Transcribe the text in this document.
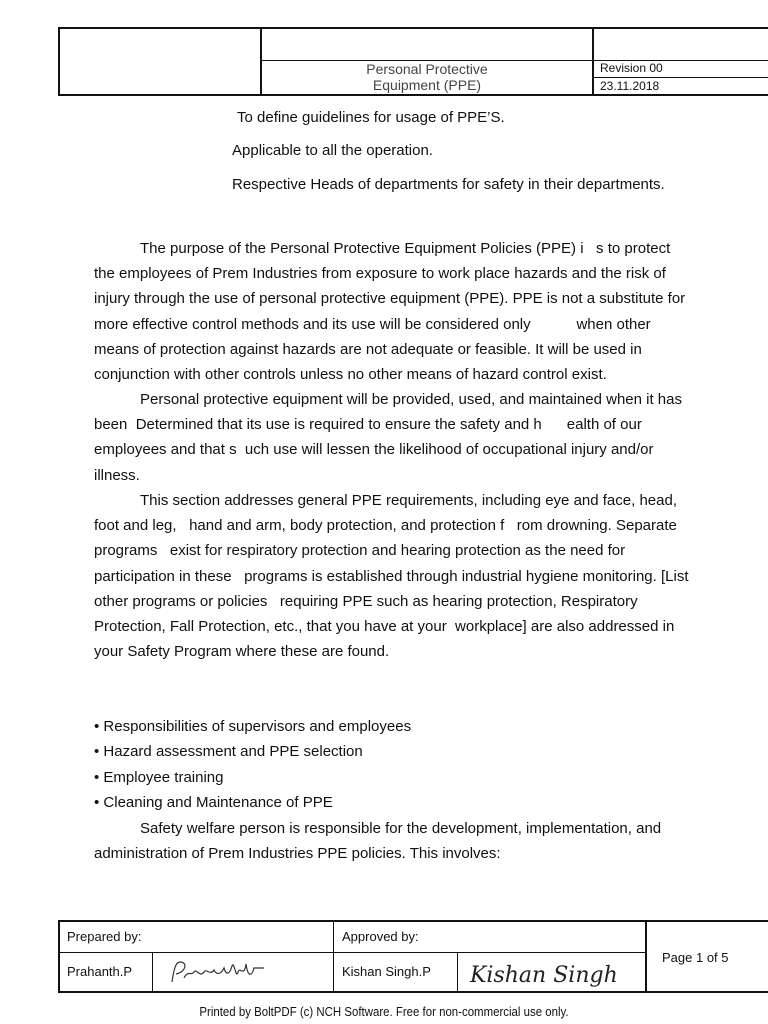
Personal Protective
Equipment (PPE)
Revision 00
23.11.2018
To define guidelines for usage of PPE’S.
Applicable to all the operation.
Respective Heads of departments for safety in their departments.
The purpose of the Personal Protective Equipment Policies (PPE) i   s to protect the employees of Prem Industries from exposure to work place hazards and the risk of injury through the use of personal protective equipment (PPE). PPE is not a substitute for more effective control methods and its use will be considered only           when other means of protection against hazards are not adequate or feasible. It will be used in conjunction with other controls unless no other means of hazard control exist.
Personal protective equipment will be provided, used, and maintained when it has  been  Determined that its use is required to ensure the safety and h      ealth of our employees and that s  uch use will lessen the likelihood of occupational injury and/or illness.
This section addresses general PPE requirements, including eye and face, head, foot and leg,   hand and arm, body protection, and protection f   rom drowning. Separate programs   exist for respiratory protection and hearing protection as the need for participation in these   programs is established through industrial hygiene monitoring. [List other programs or policies   requiring PPE such as hearing protection, Respiratory Protection, Fall Protection, etc., that you have at your  workplace] are also addressed in your Safety Program where these are found.
• Responsibilities of supervisors and employees
• Hazard assessment and PPE selection
• Employee training
• Cleaning and Maintenance of PPE
Safety welfare person is responsible for the development, implementation, and administration of Prem Industries PPE policies. This involves:
Prepared by:
Prahanth.P
Approved by:
Kishan Singh.P Kishan Singh
Page 1 of 5
Printed by BoltPDF (c) NCH Software. Free for non-commercial use only.
